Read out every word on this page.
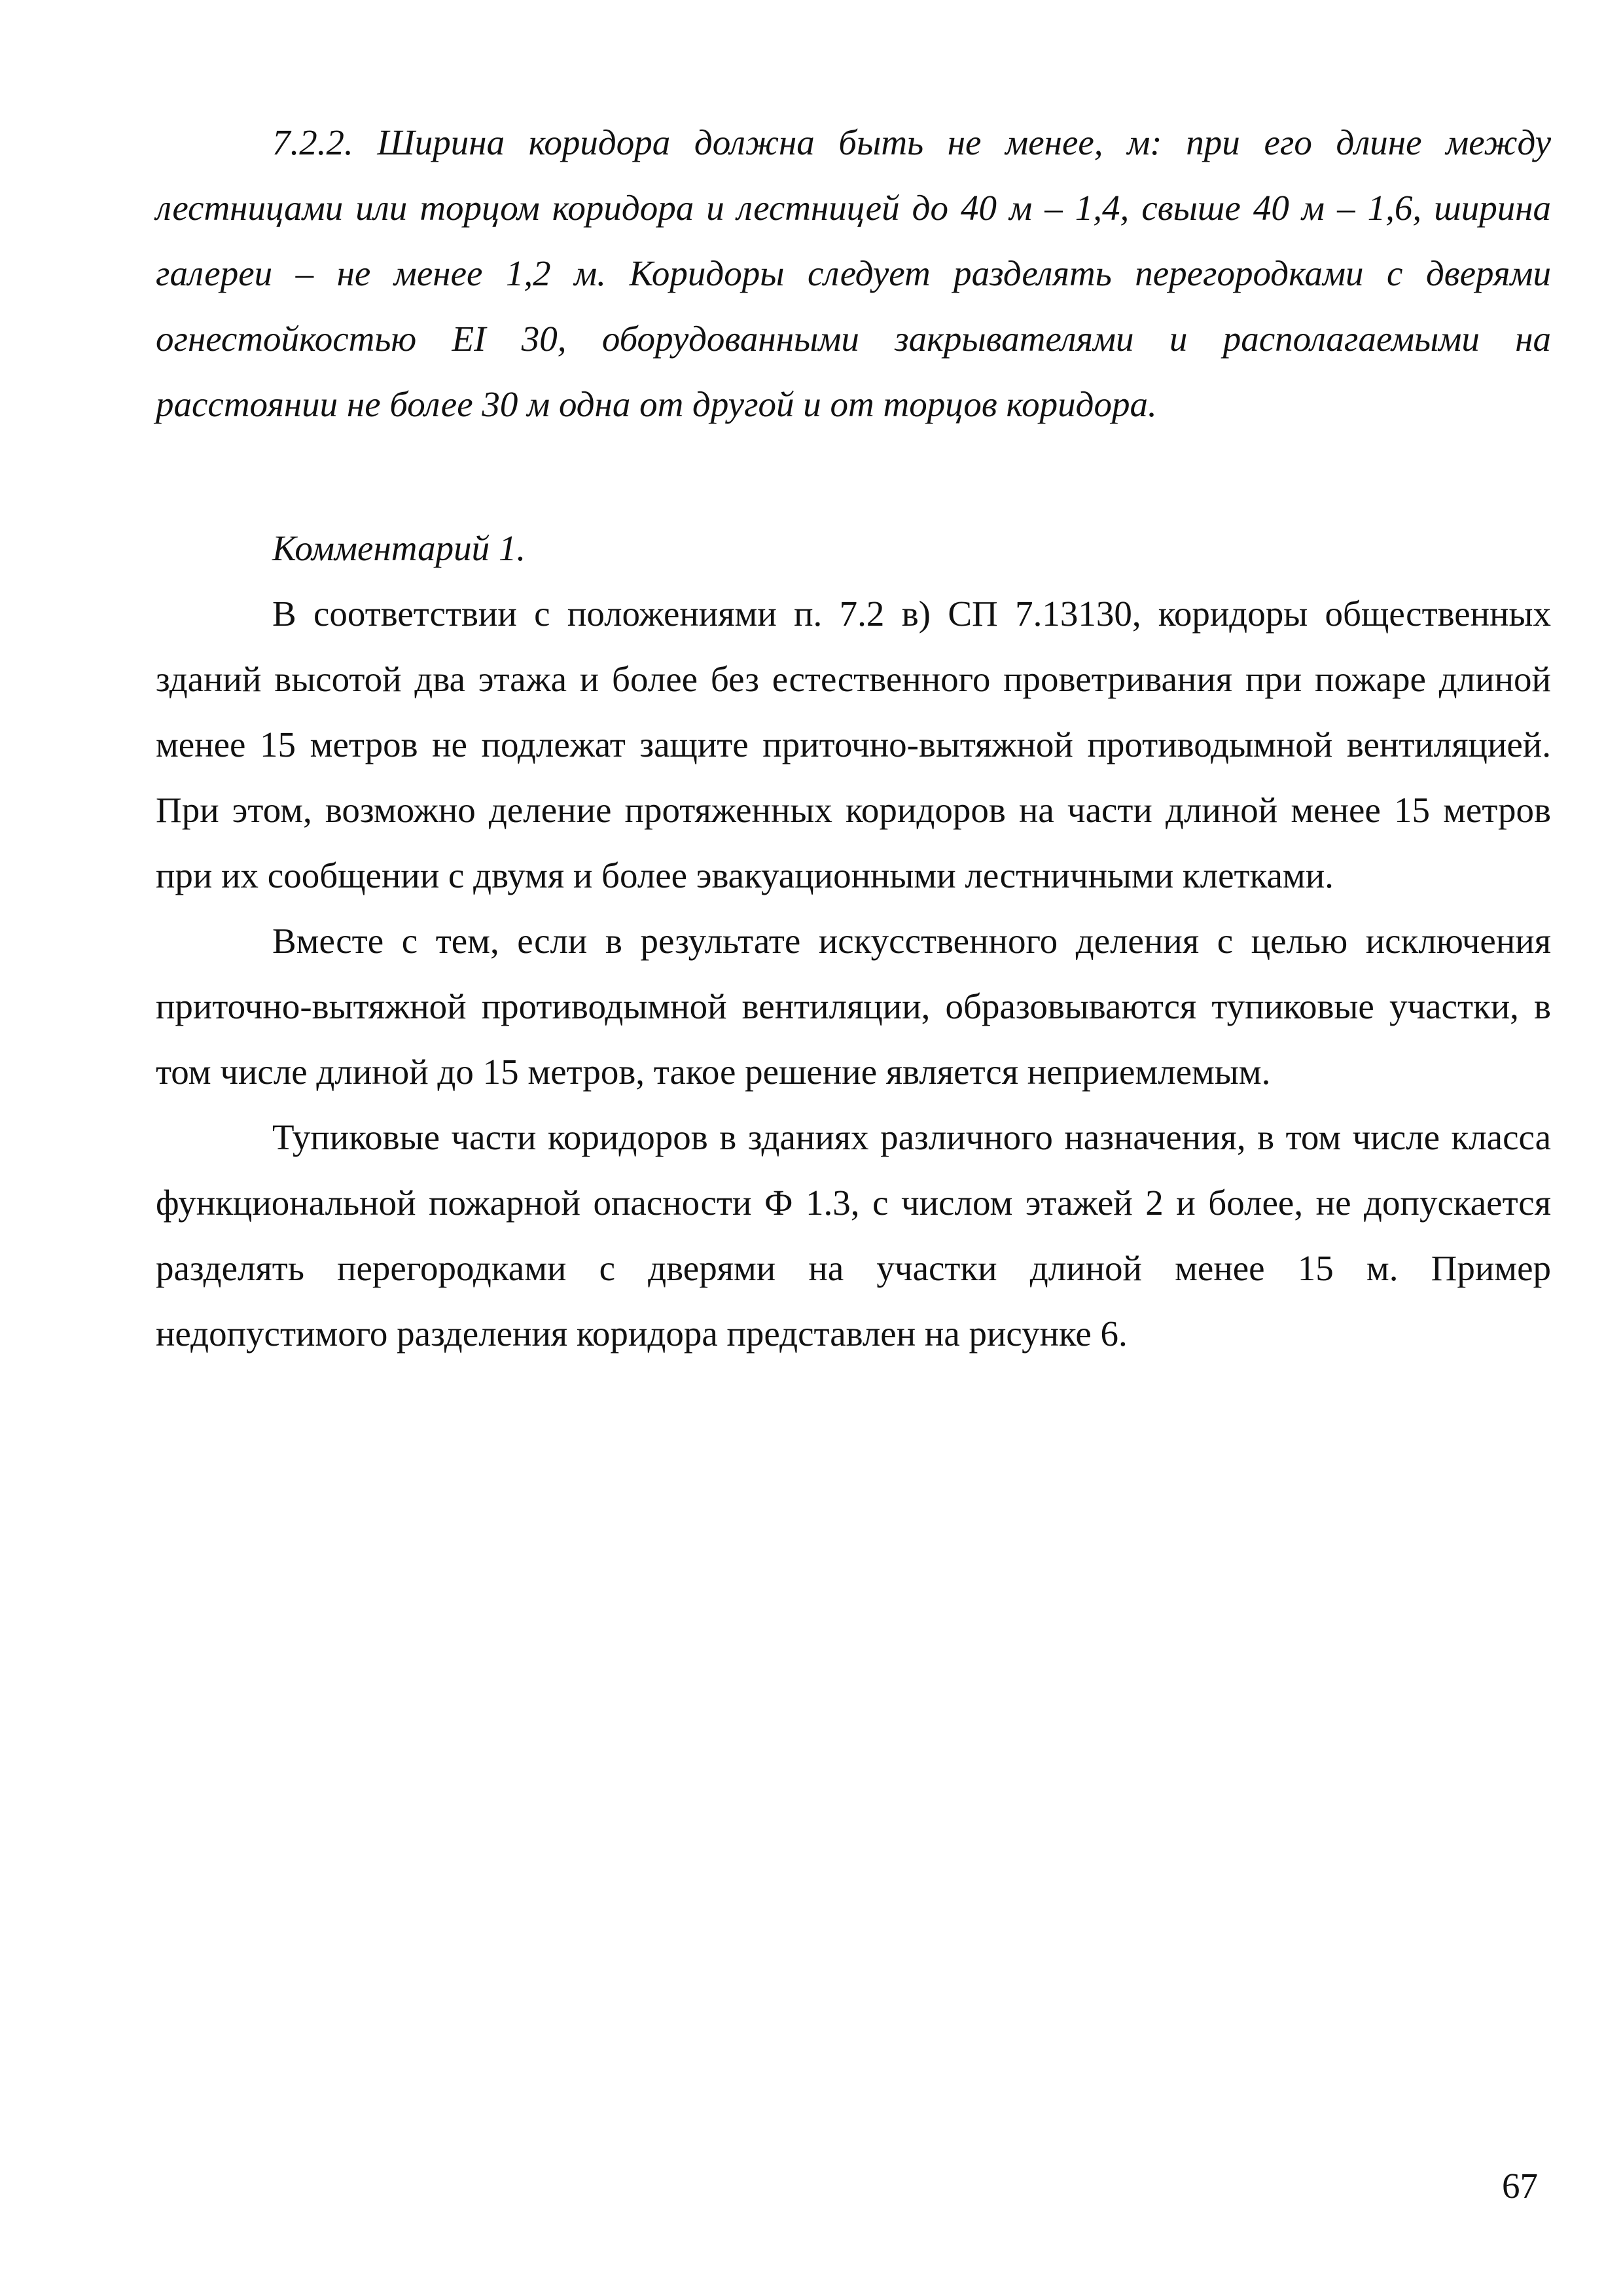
7.2.2. Ширина коридора должна быть не менее, м: при его длине между лестницами или торцом коридора и лестницей до 40 м – 1,4, свыше 40 м – 1,6, ширина галереи – не менее 1,2 м. Коридоры следует разделять перегородками с дверями огнестойкостью EI 30, оборудованными закрывателями и располагаемыми на расстоянии не более 30 м одна от другой и от торцов коридора.

Комментарий 1.

В соответствии с положениями п. 7.2 в) СП 7.13130, коридоры общественных зданий высотой два этажа и более без естественного проветривания при пожаре длиной менее 15 метров не подлежат защите приточно-вытяжной противодымной вентиляцией. При этом, возможно деление протяженных коридоров на части длиной менее 15 метров при их сообщении с двумя и более эвакуационными лестничными клетками.

Вместе с тем, если в результате искусственного деления с целью исключения приточно-вытяжной противодымной вентиляции, образовываются тупиковые участки, в том числе длиной до 15 метров, такое решение является неприемлемым.

Тупиковые части коридоров в зданиях различного назначения, в том числе класса функциональной пожарной опасности Ф 1.3, с числом этажей 2 и более, не допускается разделять перегородками с дверями на участки длиной менее 15 м. Пример недопустимого разделения коридора представлен на рисунке 6.

67
